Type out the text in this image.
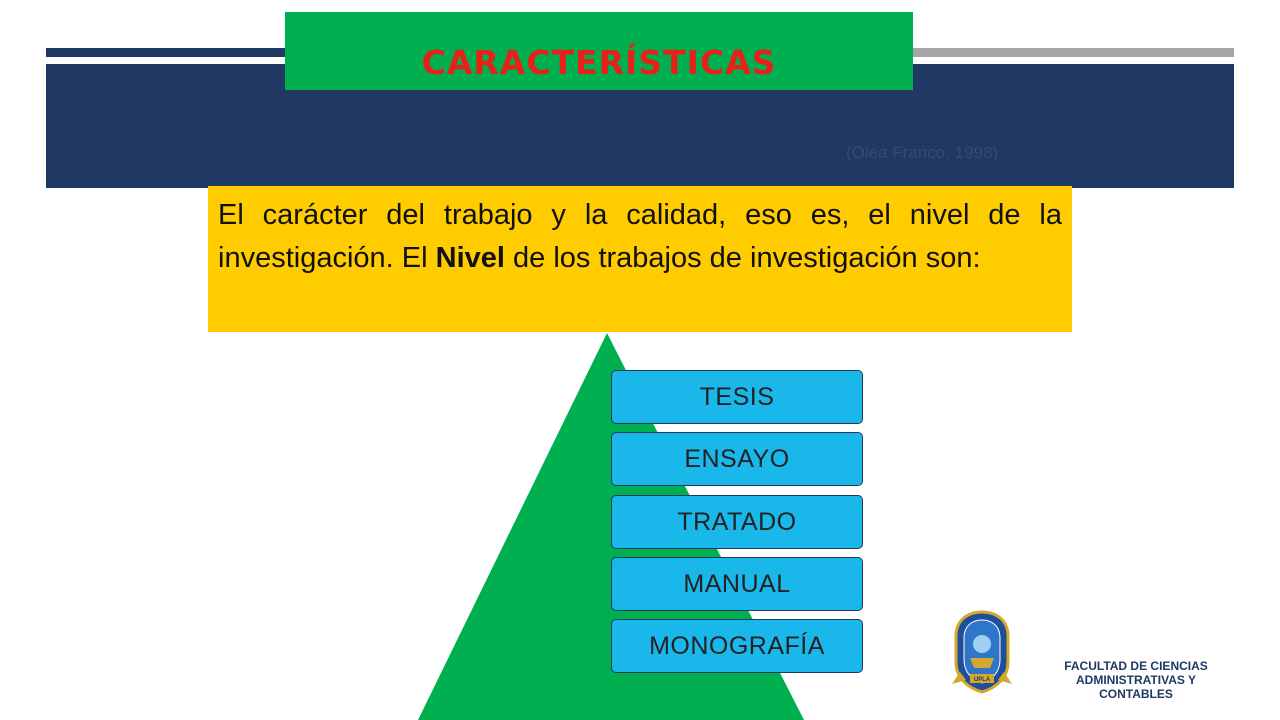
CARACTERÍSTICAS
(Olea Franco, 1998)

El carácter del trabajo y la calidad, eso es, el nivel de la investigación. El Nivel de los trabajos de investigación son:

TESIS
ENSAYO
TRATADO
MANUAL
MONOGRAFÍA
UPLA
FACULTAD DE CIENCIAS ADMINISTRATIVAS Y CONTABLES
